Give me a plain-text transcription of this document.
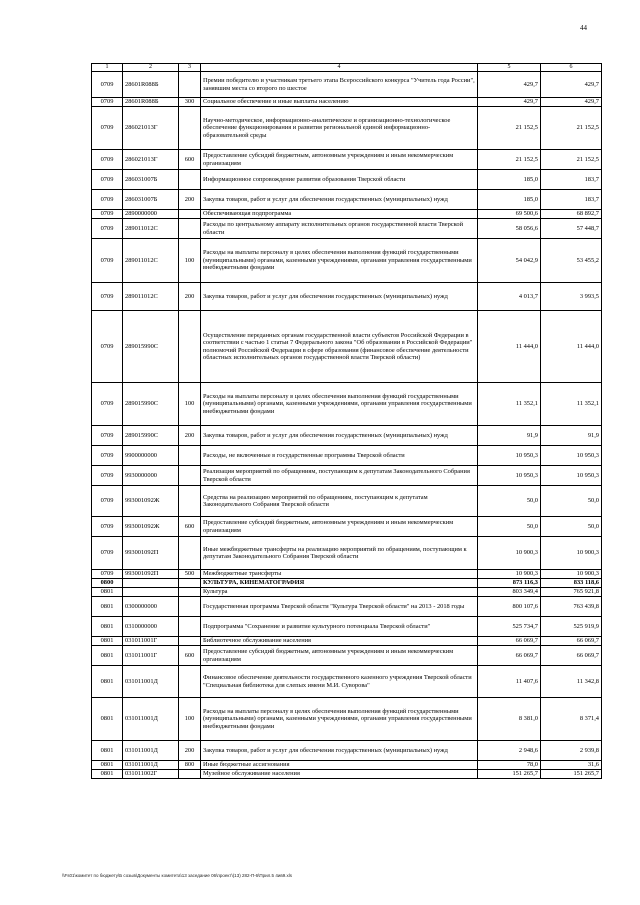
44
1	2	3	4	5	6
0709	28601R088Б		Премии победителю и участникам третьего этапа Всероссийского конкурса "Учитель года России", занявшим места со второго по шестое	429,7	429,7
0709	28601R088Б	300	Социальное обеспечение и иные выплаты населению	429,7	429,7
0709	286021013Г		Научно-методическое, информационно-аналитическое и организационно-технологическое обеспечение функционирования и развития региональной единой информационно-образовательной среды	21 152,5	21 152,5
0709	286021013Г	600	Предоставление субсидий бюджетным, автономным учреждениям и иным некоммерческим организациям	21 152,5	21 152,5
0709	286031007Б		Информационное сопровождение развития образования Тверской области	185,0	183,7
0709	286031007Б	200	Закупка товаров, работ и услуг для обеспечения государственных (муниципальных) нужд	185,0	183,7
0709	2890000000		Обеспечивающая подпрограмма	69 500,6	68 892,7
0709	289011012С		Расходы по центральному аппарату исполнительных органов государственной власти Тверской области	58 056,6	57 448,7
0709	289011012С	100	Расходы на выплаты персоналу в целях обеспечения выполнения функций государственными (муниципальными) органами, казенными учреждениями, органами управления государственными внебюджетными фондами	54 042,9	53 455,2
0709	289011012С	200	Закупка товаров, работ и услуг для обеспечения государственных (муниципальных) нужд	4 013,7	3 993,5
0709	289015990С		Осуществление переданных органам государственной власти субъектов Российской Федерации в соответствии с частью 1 статьи 7 Федерального закона "Об образовании в Российской Федерации" полномочий Российской Федерации в сфере образования (финансовое обеспечение деятельности областных исполнительных органов государственной власти Тверской области)	11 444,0	11 444,0
0709	289015990С	100	Расходы на выплаты персоналу в целях обеспечения выполнения функций государственными (муниципальными) органами, казенными учреждениями, органами управления государственными внебюджетными фондами	11 352,1	11 352,1
0709	289015990С	200	Закупка товаров, работ и услуг для обеспечения государственных (муниципальных) нужд	91,9	91,9
0709	9900000000		Расходы, не включенные в государственные программы Тверской области	10 950,3	10 950,3
0709	9930000000		Реализация мероприятий по обращениям, поступающим к депутатам Законодательного Собрания Тверской области	10 950,3	10 950,3
0709	993001092Ж		Средства на реализацию мероприятий по обращениям, поступающим к депутатам Законодательного Собрания Тверской области	50,0	50,0
0709	993001092Ж	600	Предоставление субсидий бюджетным, автономным учреждениям и иным некоммерческим организациям	50,0	50,0
0709	993001092П		Иные межбюджетные трансферты на реализацию мероприятий по обращениям, поступающим к депутатам Законодательного Собрания Тверской области	10 900,3	10 900,3
0709	993001092П	500	Межбюджетные трансферты	10 900,3	10 900,3
0800			КУЛЬТУРА, КИНЕМАТОГРАФИЯ	873 116,3	833 118,6
0801			Культура	803 349,4	765 921,8
0801	0300000000		Государственная программа Тверской области "Культура Тверской области" на 2013 - 2018 годы	800 107,6	763 439,8
0801	0310000000		Подпрограмма "Сохранение и развитие культурного потенциала Тверской области"	525 734,7	525 919,9
0801	031011001Г		Библиотечное обслуживание населения	66 069,7	66 069,7
0801	031011001Г	600	Предоставление субсидий бюджетным, автономным учреждениям и иным некоммерческим организациям	66 069,7	66 069,7
0801	031011001Д		Финансовое обеспечение деятельности государственного казенного учреждения Тверской области "Специальная библиотека для слепых имени М.И. Суворова"	11 407,6	11 342,8
0801	031011001Д	100	Расходы на выплаты персоналу в целях обеспечения выполнения функций государственными (муниципальными) органами, казенными учреждениями, органами управления государственными внебюджетными фондами	8 381,0	8 371,4
0801	031011001Д	200	Закупка товаров, работ и услуг для обеспечения государственных (муниципальных) нужд	2 948,6	2 939,8
0801	031011001Д	800	Иные бюджетные ассигнования	78,0	31,6
0801	031011002Г		Музейное обслуживание населения	151 265,7	151 265,7
\\Fs01\комитет по бюджету\Б созыв\Документы комитета\13 заседание 06\проект\(13) 282-П-6\Прил.5 4ив9.xls
